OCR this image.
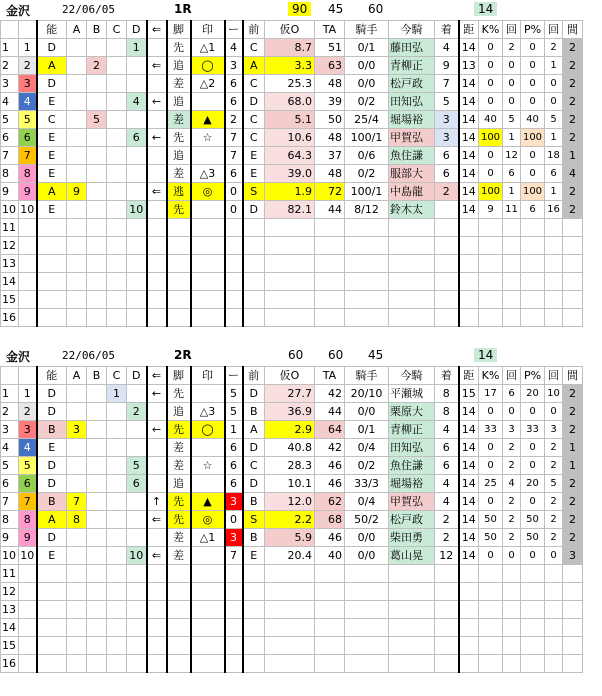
金沢	22/06/05	1R	90	45 60	14
		能	A	B	C	D	⇐	脚	印	ー	前	仮O	TA	騎手	今騎	着	距	K%	回	P%	回	間
1	1	D				1		先	△1	4	C	8.7	51	0/1	藤田弘	4	14	0	2	0	2	2
2	2	A		2			⇐	追	◯	3	A	3.3	63	0/0	青柳正	9	13	0	0	0	1	2
3	3	D						差	△2	6	C	25.3	48	0/0	松戸政	7	14	0	0	0	0	2
4	4	E				4	←	追		6	D	68.0	39	0/2	田知弘	5	14	0	0	0	0	2
5	5	C		5				差	▲	2	C	5.1	50	25/4	堀場裕	3	14	40	5	40	5	2
6	6	E				6	←	先	☆	7	C	10.6	48	100/1	甲賀弘	3	14	100	1	100	1	2
7	7	E						追		7	E	64.3	37	0/6	魚住謙	6	14	0	12	0	18	1
8	8	E						差	△3	6	E	39.0	48	0/2	服部大	6	14	0	6	0	6	4
9	9	A	9				⇐	逃	◎	0	S	1.9	72	100/1	中島龍	2	14	100	1	100	1	2
10	10	E				10		先		0	D	82.1	44	8/12	鈴木太		14	9	11	6	16	2
11																						
12																						
13																						
14																						
15																						
16																						
金沢	22/06/05	2R	60 60 45	14
		能	A	B	C	D	⇐	脚	印	ー	前	仮O	TA	騎手	今騎	着	距	K%	回	P%	回	間
1	1	D			1		←	先		5	D	27.7	42	20/10	平瀬城	8	15	17	6	20	10	2
2	2	D				2		追	△3	5	B	36.9	44	0/0	栗原大	8	14	0	0	0	0	2
3	3	B	3				←	先	◯	1	A	2.9	64	0/1	青柳正	4	14	33	3	33	3	2
4	4	E						差		6	D	40.8	42	0/4	田知弘	6	14	0	2	0	2	1
5	5	D				5		差	☆	6	C	28.3	46	0/2	魚住謙	6	14	0	2	0	2	1
6	6	D				6		追		6	D	10.1	46	33/3	堀場裕	4	14	25	4	20	5	2
7	7	B	7				↑	先	▲	3	B	12.0	62	0/4	甲賀弘	4	14	0	2	0	2	2
8	8	A	8				⇐	先	◎	0	S	2.2	68	50/2	松戸政	2	14	50	2	50	2	2
9	9	D						差	△1	3	B	5.9	46	0/0	柴田勇	2	14	50	2	50	2	2
10	10	E				10	⇐	差		7	E	20.4	40	0/0	葛山晃	12	14	0	0	0	0	3
11																						
12																						
13																						
14																						
15																						
16																						
